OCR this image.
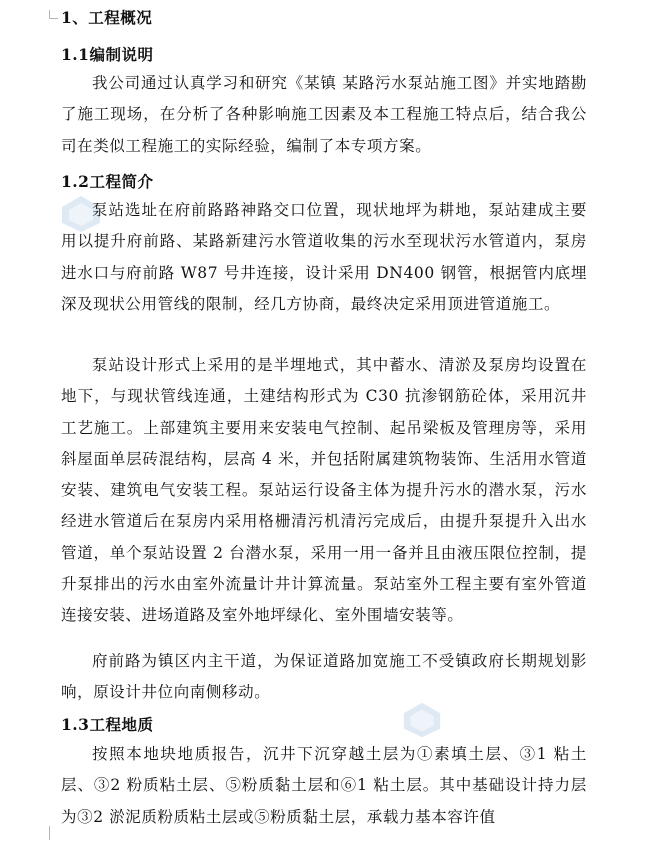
1、工程概况
1.1编制说明

我公司通过认真学习和研究《某镇 某路污水泵站施工图》并实地踏勘了施工现场，在分析了各种影响施工因素及本工程施工特点后，结合我公司在类似工程施工的实际经验，编制了本专项方案。

1.2工程简介

泵站选址在府前路路神路交口位置，现状地坪为耕地，泵站建成主要用以提升府前路、某路新建污水管道收集的污水至现状污水管道内，泵房进水口与府前路 W87 号井连接，设计采用 DN400 钢管，根据管内底埋深及现状公用管线的限制，经几方协商，最终决定采用顶进管道施工。

泵站设计形式上采用的是半埋地式，其中蓄水、清淤及泵房均设置在地下，与现状管线连通，土建结构形式为 C30 抗渗钢筋砼体，采用沉井工艺施工。上部建筑主要用来安装电气控制、起吊梁板及管理房等，采用斜屋面单层砖混结构，层高 4 米，并包括附属建筑物装饰、生活用水管道安装、建筑电气安装工程。泵站运行设备主体为提升污水的潜水泵，污水经进水管道后在泵房内采用格栅清污机清污完成后，由提升泵提升入出水管道，单个泵站设置 2 台潜水泵，采用一用一备并且由液压限位控制，提升泵排出的污水由室外流量计井计算流量。泵站室外工程主要有室外管道连接安装、进场道路及室外地坪绿化、室外围墙安装等。

府前路为镇区内主干道，为保证道路加宽施工不受镇政府长期规划影响，原设计井位向南侧移动。

1.3工程地质

按照本地块地质报告，沉井下沉穿越土层为①素填土层、③1 粘土层、③2 粉质粘土层、⑤粉质黏土层和⑥1 粘土层。其中基础设计持力层为③2 淤泥质粉质粘土层或⑤粉质黏土层，承载力基本容许值
